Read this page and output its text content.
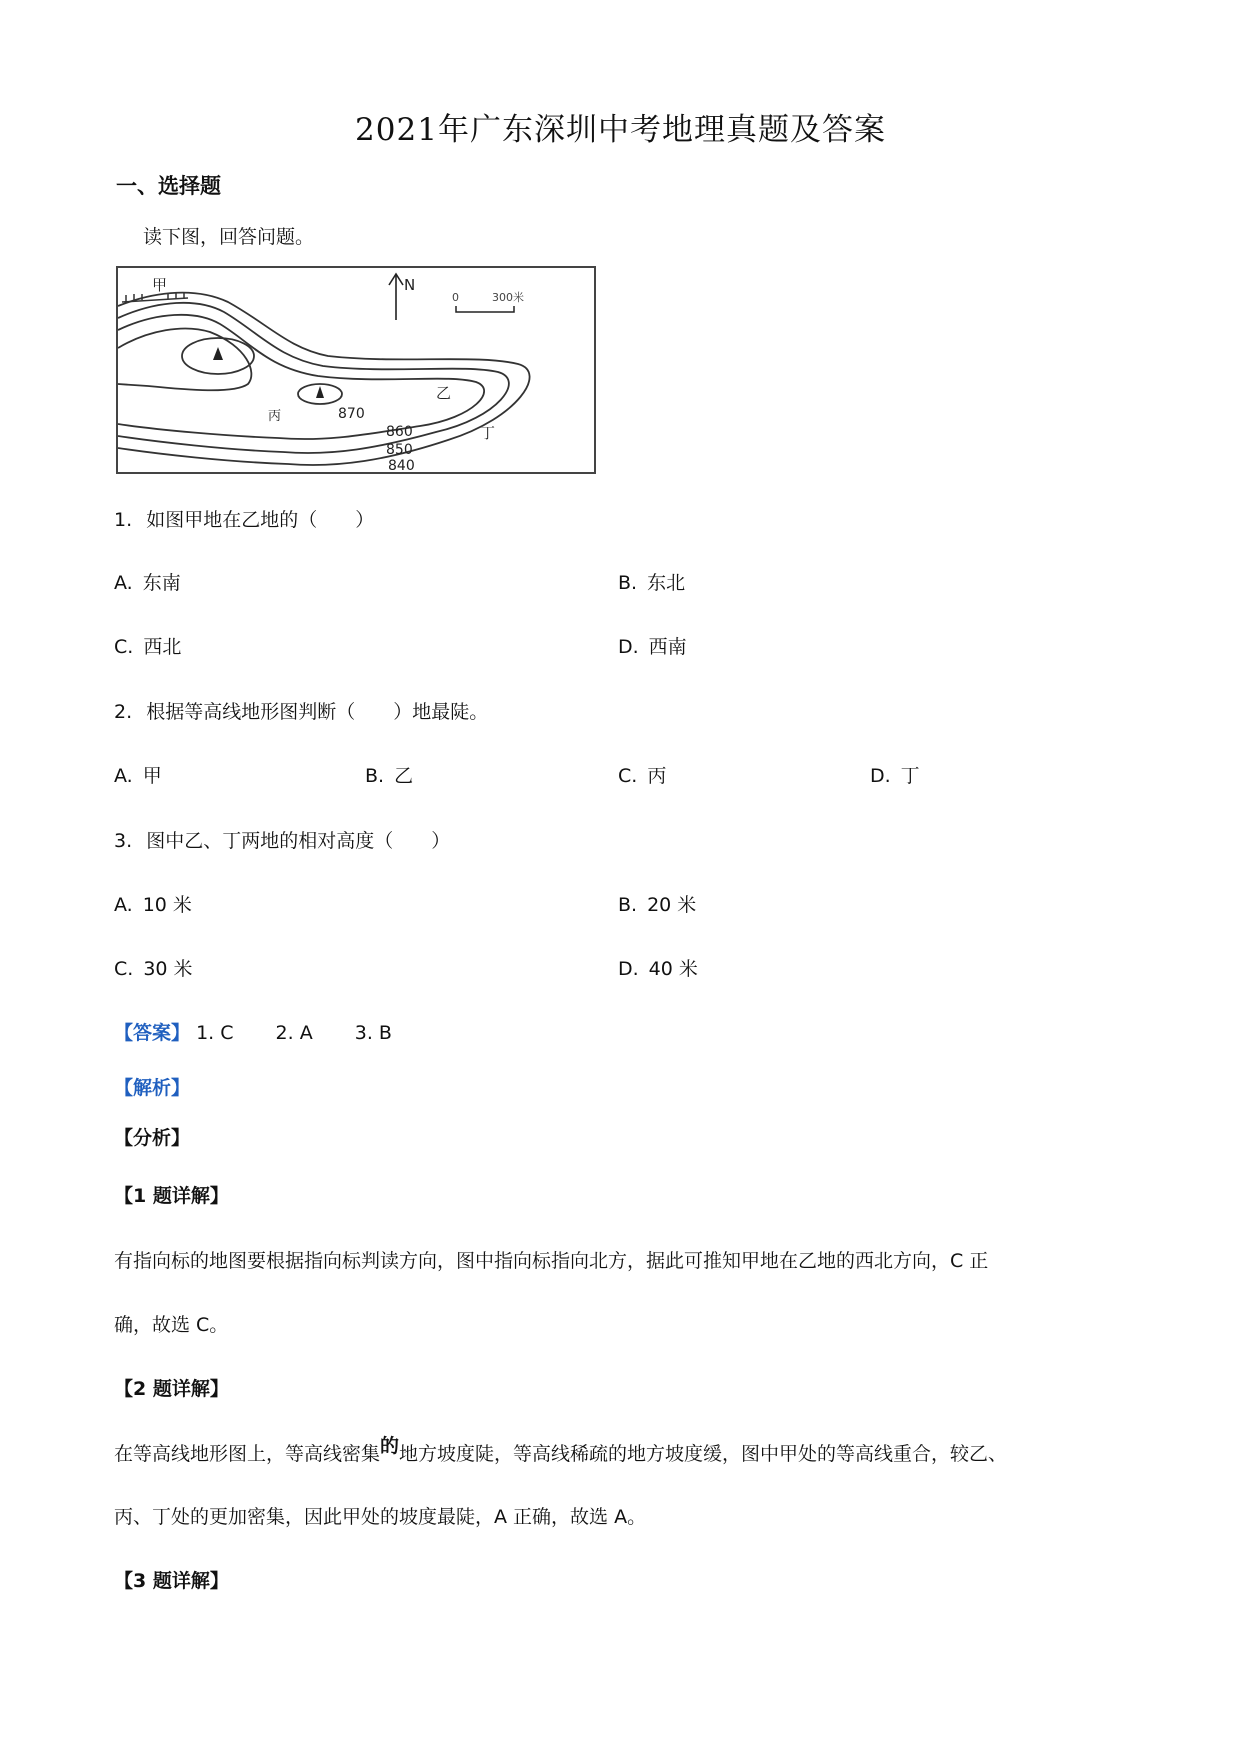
2021年广东深圳中考地理真题及答案
一、选择题
读下图，回答问题。
甲	N
0	300米
乙
丙
丁
870
860
850
840
1. 如图甲地在乙地的（　　）
A. 东南	B. 东北
C. 西北	D. 西南
2. 根据等高线地形图判断（　　）地最陡。
A. 甲	B. 乙	C. 丙	D. 丁
3. 图中乙、丁两地的相对高度（　　）
A. 10 米	B. 20 米
C. 30 米	D. 40 米
【答案】 1. C 2. A 3. B
【解析】
【分析】
【1 题详解】
有指向标的地图要根据指向标判读方向，图中指向标指向北方，据此可推知甲地在乙地的西北方向，C 正
确，故选 C。
【2 题详解】
在等高线地形图上，等高线密集的地方坡度陡，等高线稀疏的地方坡度缓，图中甲处的等高线重合，较乙、
丙、丁处的更加密集，因此甲处的坡度最陡，A 正确，故选 A。
【3 题详解】
